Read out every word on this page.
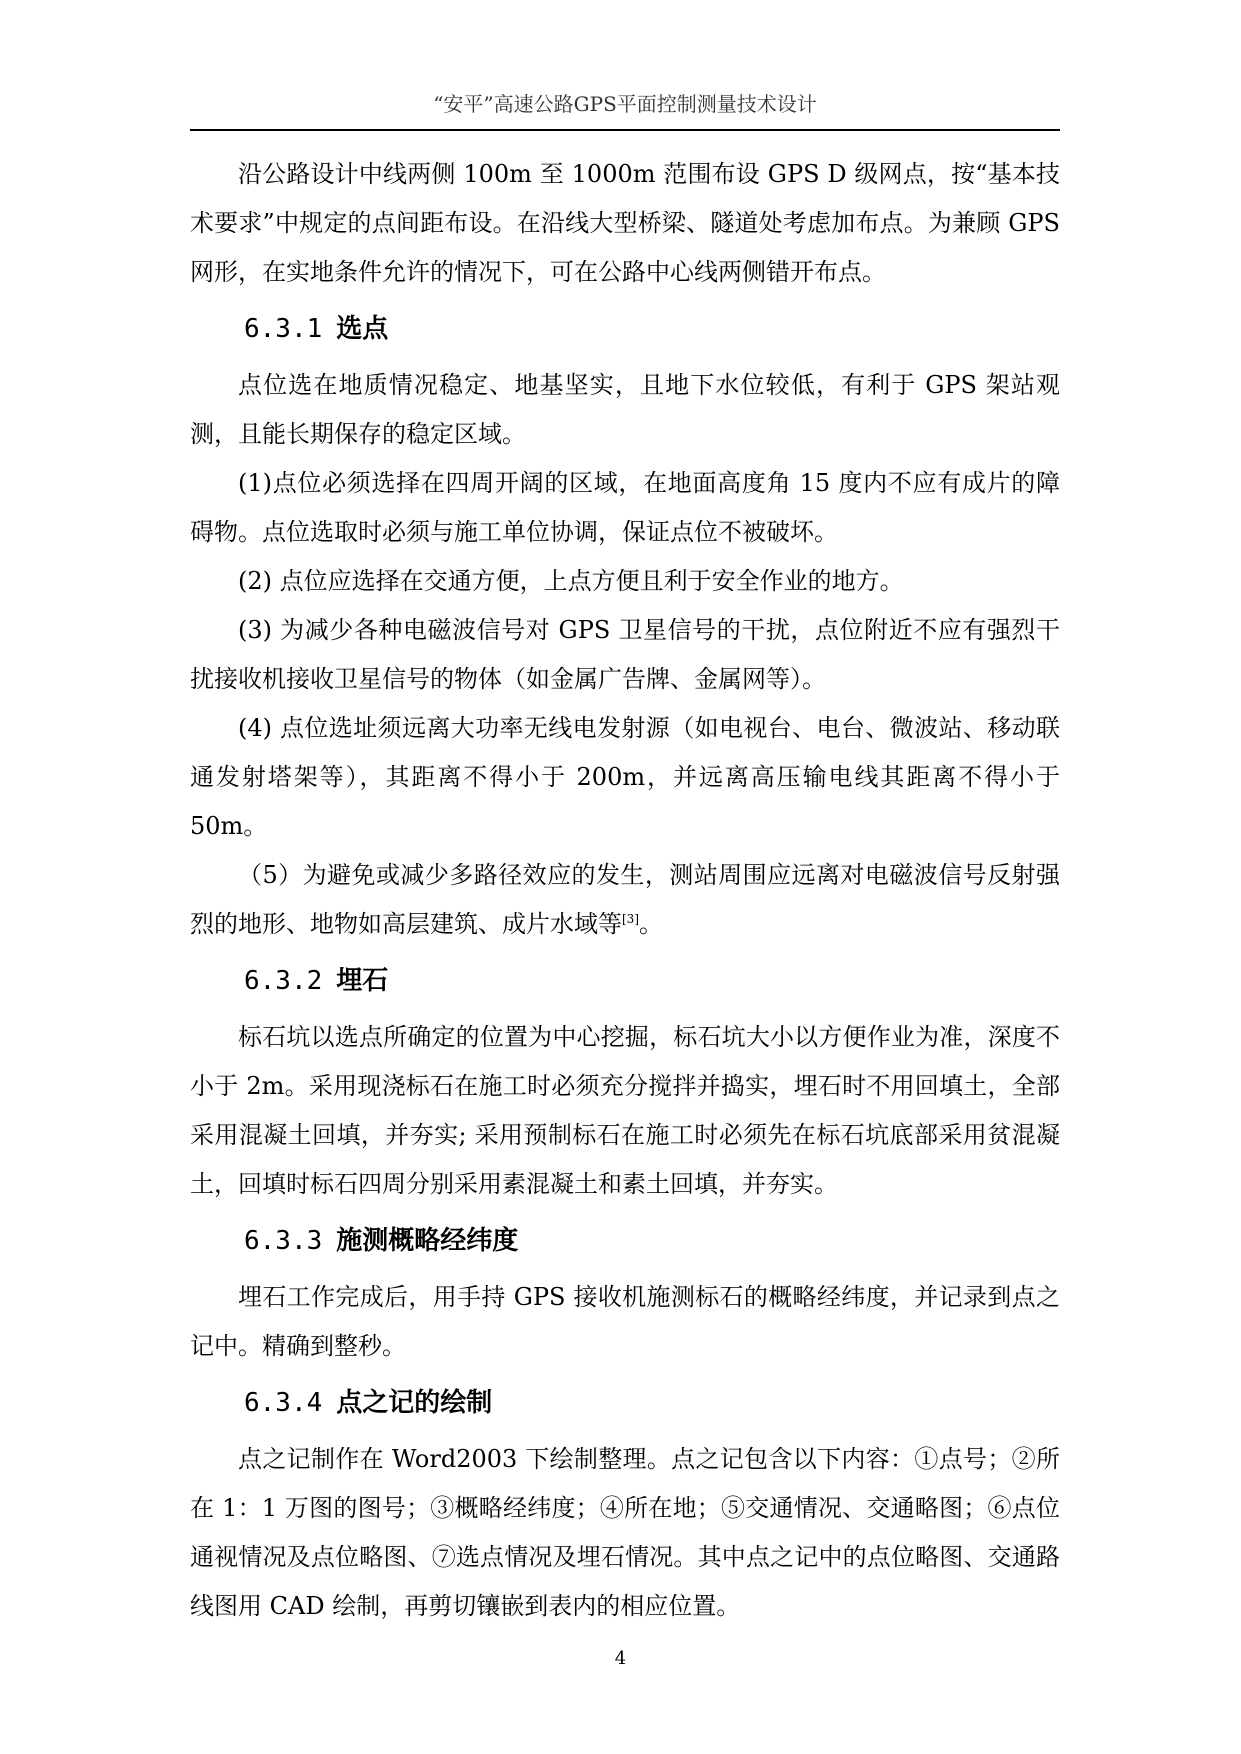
“安平”高速公路GPS平面控制测量技术设计

沿公路设计中线两侧 100m 至 1000m 范围布设 GPS D 级网点，按“基本技术要求”中规定的点间距布设。在沿线大型桥梁、隧道处考虑加布点。为兼顾 GPS 网形，在实地条件允许的情况下，可在公路中心线两侧错开布点。

6.3.1 选点

点位选在地质情况稳定、地基坚实，且地下水位较低，有利于 GPS 架站观测，且能长期保存的稳定区域。

(1)点位必须选择在四周开阔的区域，在地面高度角 15 度内不应有成片的障碍物。点位选取时必须与施工单位协调，保证点位不被破坏。

(2) 点位应选择在交通方便，上点方便且利于安全作业的地方。

(3) 为减少各种电磁波信号对 GPS 卫星信号的干扰，点位附近不应有强烈干扰接收机接收卫星信号的物体（如金属广告牌、金属网等）。

(4) 点位选址须远离大功率无线电发射源（如电视台、电台、微波站、移动联通发射塔架等），其距离不得小于 200m，并远离高压输电线其距离不得小于 50m。

（5）为避免或减少多路径效应的发生，测站周围应远离对电磁波信号反射强烈的地形、地物如高层建筑、成片水域等[3]。

6.3.2 埋石

标石坑以选点所确定的位置为中心挖掘，标石坑大小以方便作业为准，深度不小于 2m。采用现浇标石在施工时必须充分搅拌并捣实，埋石时不用回填土，全部采用混凝土回填，并夯实; 采用预制标石在施工时必须先在标石坑底部采用贫混凝土，回填时标石四周分别采用素混凝土和素土回填，并夯实。

6.3.3 施测概略经纬度

埋石工作完成后，用手持 GPS 接收机施测标石的概略经纬度，并记录到点之记中。精确到整秒。

6.3.4 点之记的绘制

点之记制作在 Word2003 下绘制整理。点之记包含以下内容：①点号；②所在 1：1 万图的图号；③概略经纬度；④所在地；⑤交通情况、交通略图；⑥点位通视情况及点位略图、⑦选点情况及埋石情况。其中点之记中的点位略图、交通路线图用 CAD 绘制，再剪切镶嵌到表内的相应位置。

4
